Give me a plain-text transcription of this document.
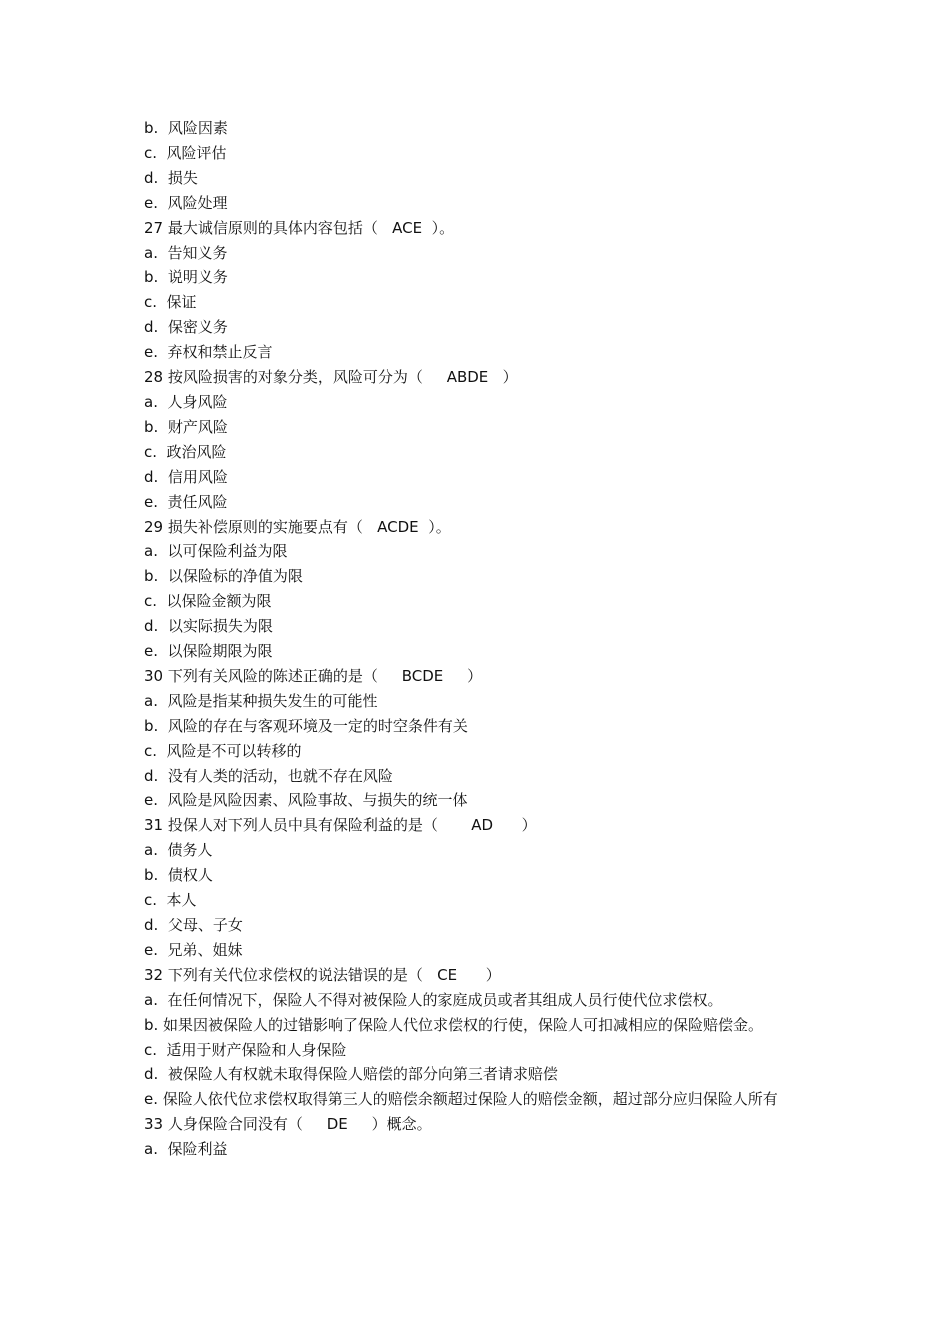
b.  风险因素
c.  风险评估
d.  损失
e.  风险处理
27 最大诚信原则的具体内容包括（   ACE  ）。
a.  告知义务
b.  说明义务
c.  保证
d.  保密义务
e.  弃权和禁止反言
28 按风险损害的对象分类，风险可分为（     ABDE   ）
a.  人身风险
b.  财产风险
c.  政治风险
d.  信用风险
e.  责任风险
29 损失补偿原则的实施要点有（   ACDE  ）。
a.  以可保险利益为限
b.  以保险标的净值为限
c.  以保险金额为限
d.  以实际损失为限
e.  以保险期限为限
30 下列有关风险的陈述正确的是（     BCDE     ）
a.  风险是指某种损失发生的可能性
b.  风险的存在与客观环境及一定的时空条件有关
c.  风险是不可以转移的
d.  没有人类的活动，也就不存在风险
e.  风险是风险因素、风险事故、与损失的统一体
31 投保人对下列人员中具有保险利益的是（       AD      ）
a.  债务人
b.  债权人
c.  本人
d.  父母、子女
e.  兄弟、姐妹
32 下列有关代位求偿权的说法错误的是（   CE      ）
a.  在任何情况下，保险人不得对被保险人的家庭成员或者其组成人员行使代位求偿权。
b. 如果因被保险人的过错影响了保险人代位求偿权的行使，保险人可扣减相应的保险赔偿金。
c.  适用于财产保险和人身保险
d.  被保险人有权就未取得保险人赔偿的部分向第三者请求赔偿
e. 保险人依代位求偿权取得第三人的赔偿余额超过保险人的赔偿金额，超过部分应归保险人所有
33 人身保险合同没有（     DE     ）概念。
a.  保险利益
